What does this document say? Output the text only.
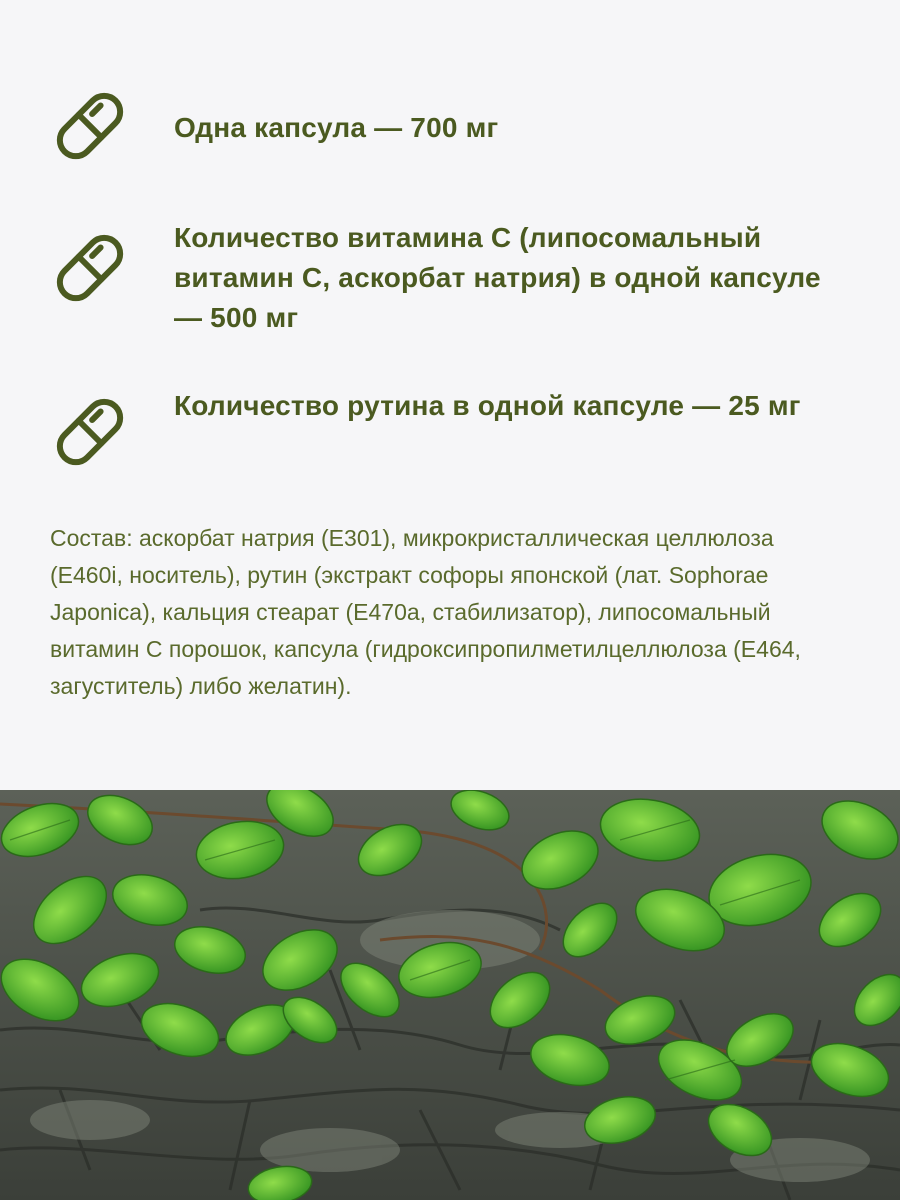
Одна капсула — 700 мг
Количество витамина С (липосомальный витамин С, аскорбат натрия) в одной капсуле — 500 мг
Количество рутина в одной капсуле — 25 мг
Состав: аскорбат натрия (Е301), микрокристаллическая целлюлоза (Е460i, носитель), рутин (экстракт софоры японской (лат. Sophorae Japonica), кальция стеарат (Е470а, стабилизатор), липосомальный витамин С порошок, капсула (гидроксипропилметилцеллюлоза (Е464, загуститель) либо желатин).
